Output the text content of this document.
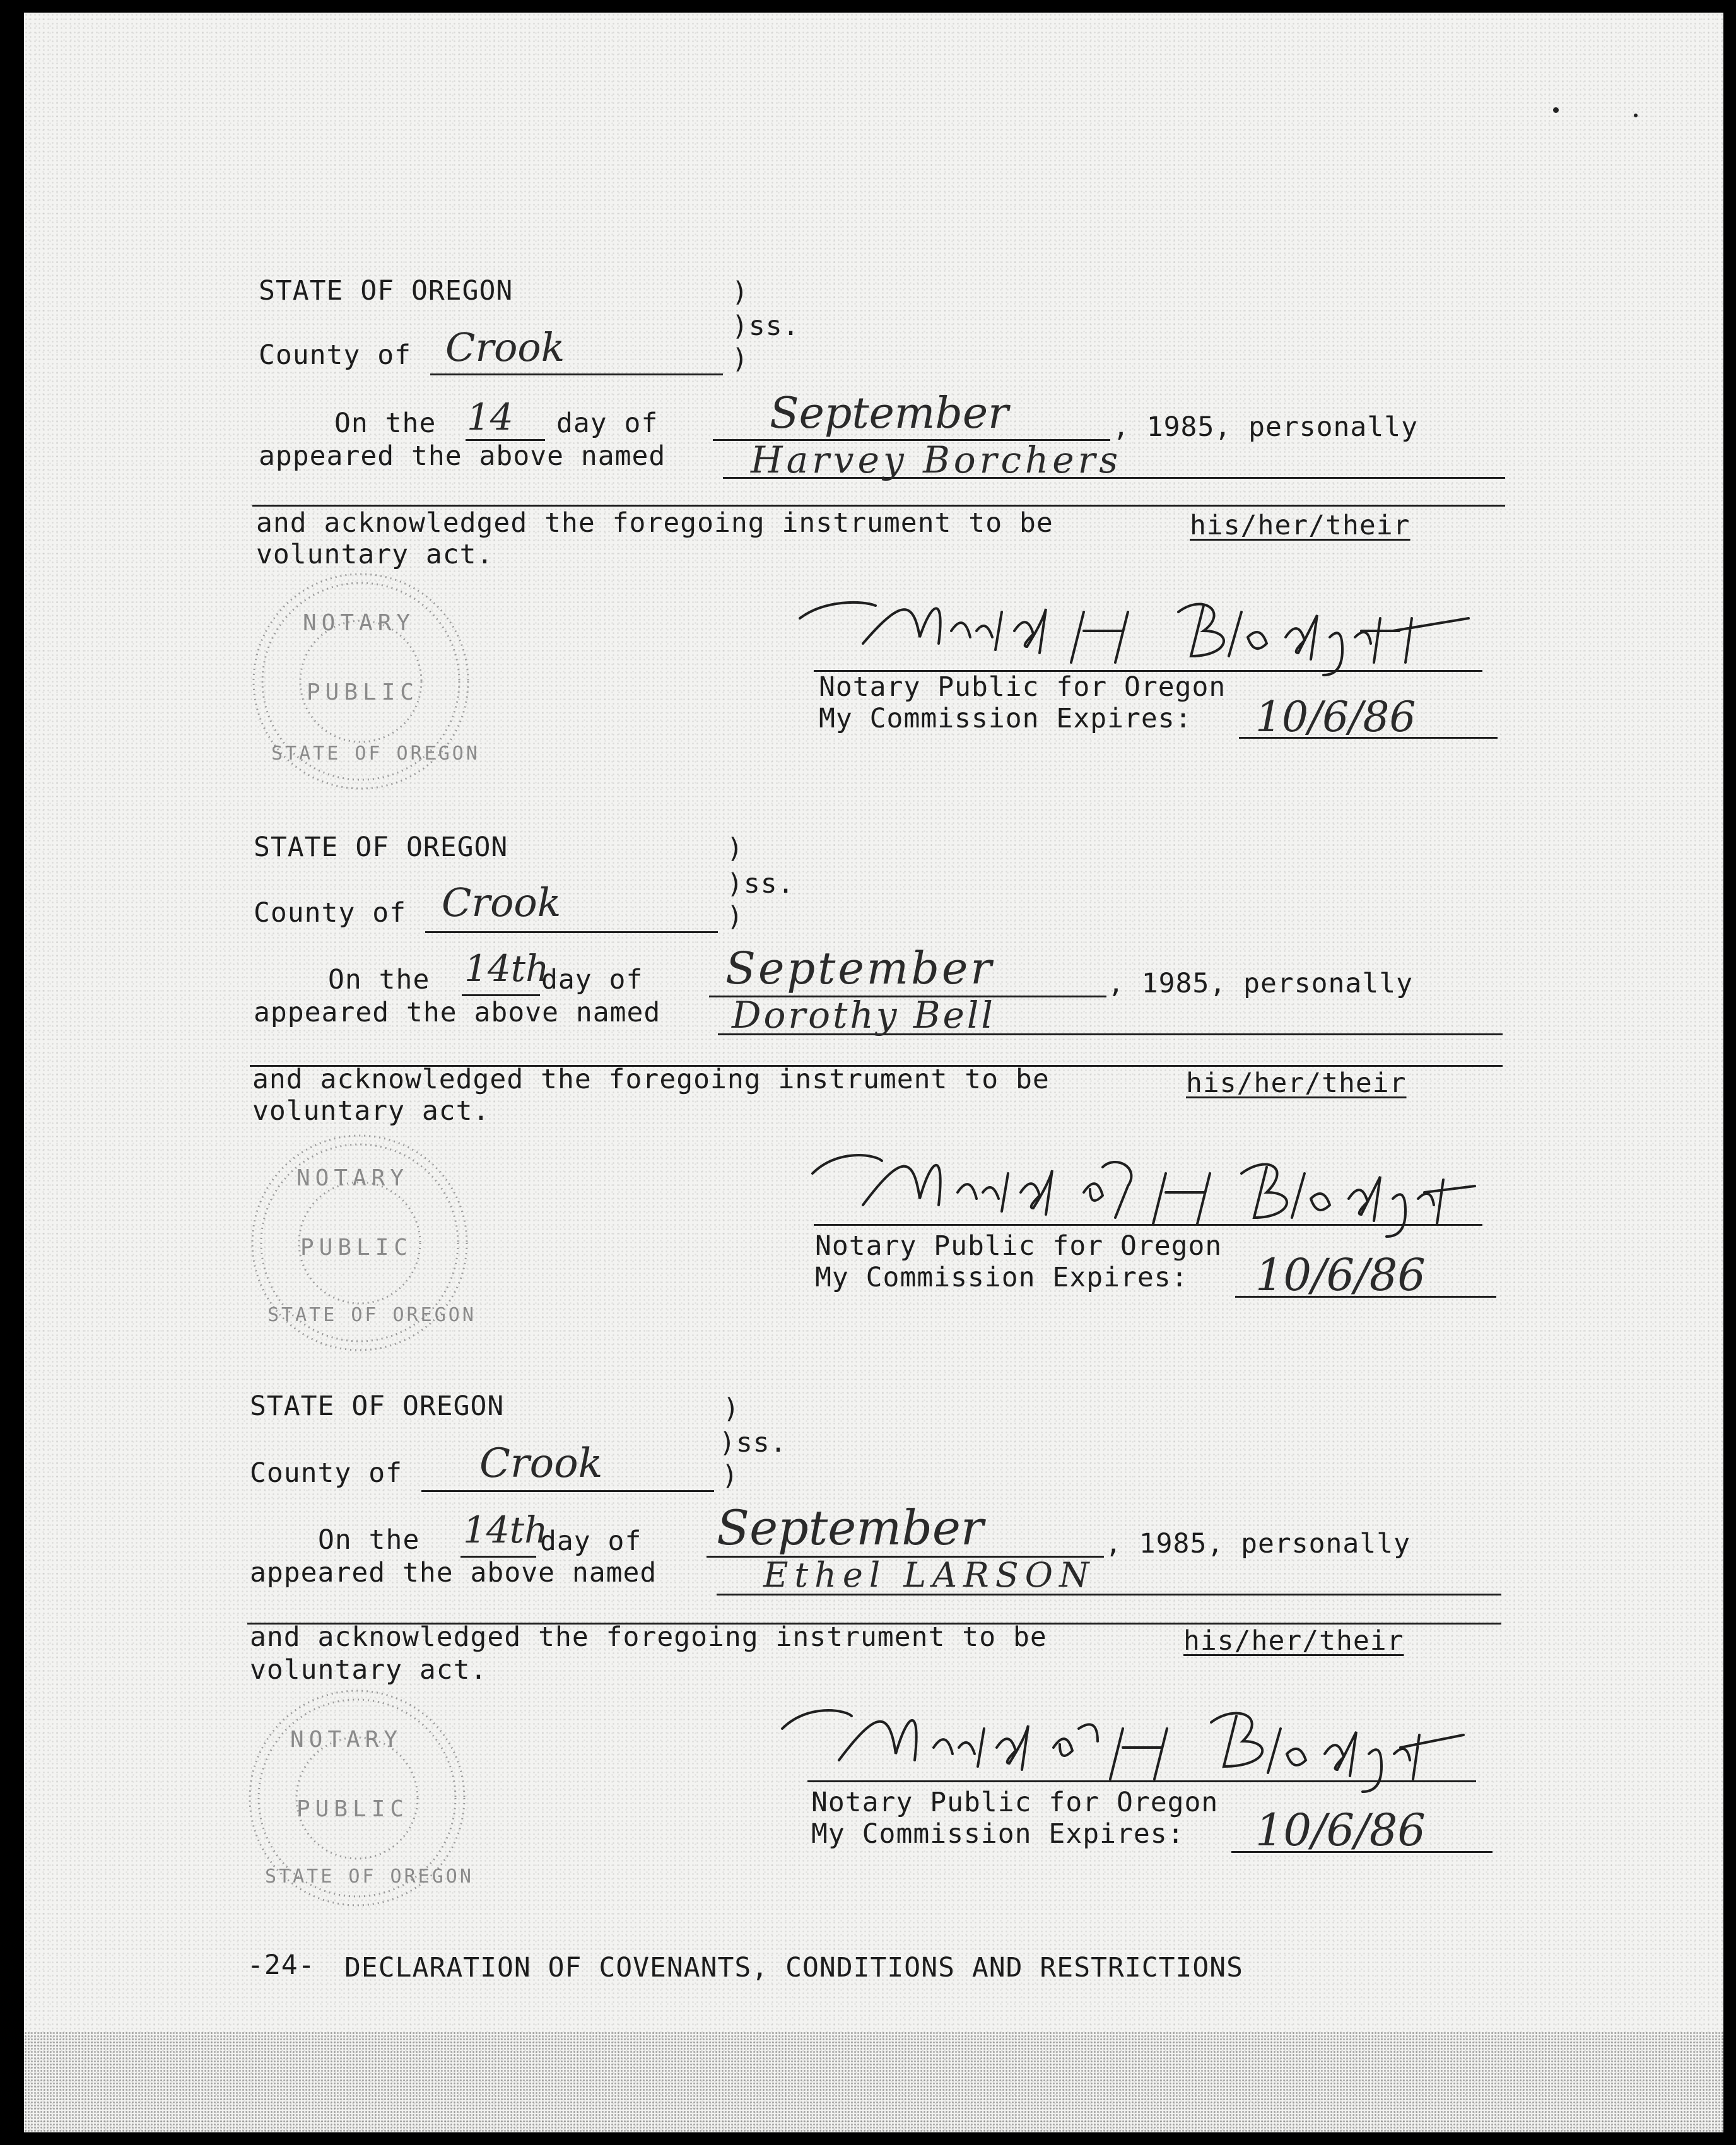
STATE OF OREGON	)
)ss.
County of Crook	)
On the 14 day of	September	, 1985, personally
appeared the above named Harvey Borchers
and acknowledged the foregoing instrument to be	his/her/their
voluntary act.
NOTARY
PUBLIC
STATE OF OREGON
Notary Public for Oregon
My Commission Expires: 10/6/86
STATE OF OREGON	)
)ss.
County of Crook	)
On the 14th
day of September	, 1985, personally
appeared the above named Dorothy Bell
and acknowledged the foregoing instrument to be	his/her/their
voluntary act.
NOTARY
PUBLIC
STATE OF OREGON
Notary Public for Oregon
My Commission Expires: 10/6/86
STATE OF OREGON	)
)ss.
County of Crook	)
On the 14th
day of September	, 1985, personally
appeared the above named	Ethel LARSON
and acknowledged the foregoing instrument to be	his/her/their
voluntary act.
NOTARY
PUBLIC
STATE OF OREGON
Notary Public for Oregon
My Commission Expires: 10/6/86
-24- DECLARATION OF COVENANTS, CONDITIONS AND RESTRICTIONS
